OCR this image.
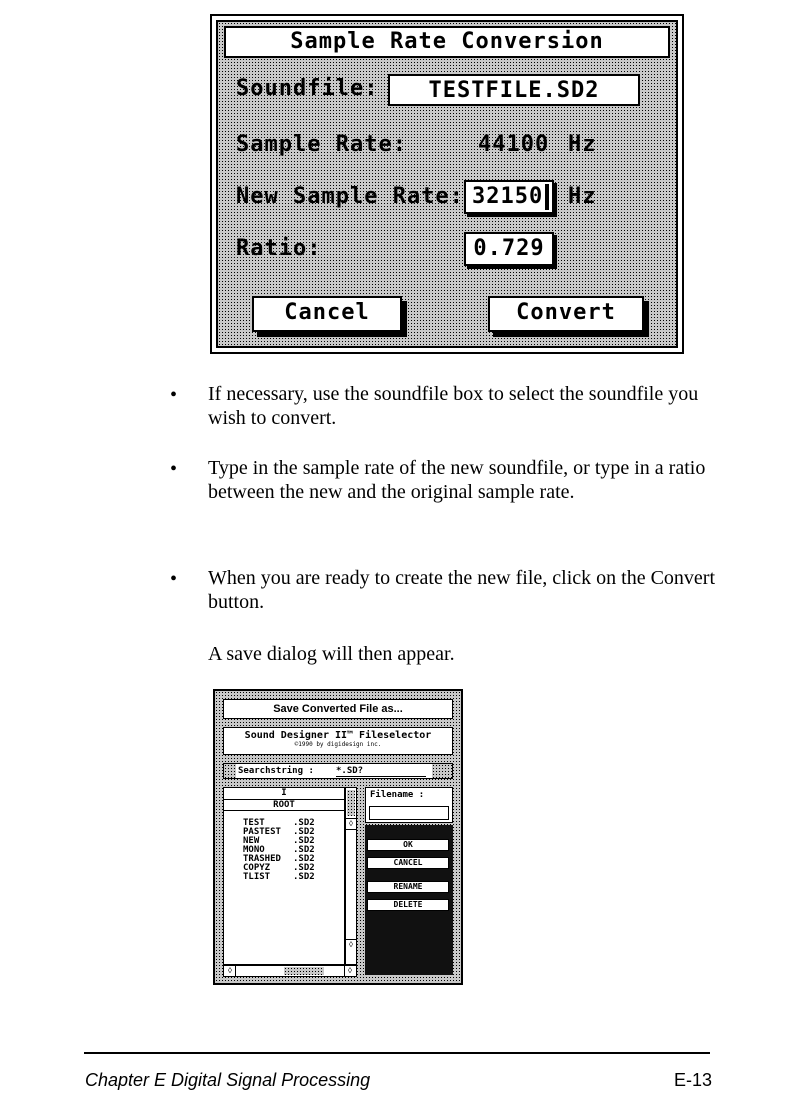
Sample Rate Conversion
Soundfile:	TESTFILE.SD2
Sample Rate:	44100 Hz
New Sample Rate: 32150	Hz
Ratio:	0.729
Cancel	Convert
• If necessary, use the soundfile box to select the soundfile you wish to convert.
• Type in the sample rate of the new soundfile, or type in a ratio between the new and the original sample rate.
• When you are ready to create the new file, click on the Convert button.
A save dialog will then appear.
Save Converted File as...
Sound Designer II™ Fileselector
©1990 by digidesign inc.
Searchstring : *.SD?
I
ROOT
TEST	.SD2
PASTEST .SD2
NEW	.SD2
MONO	.SD2
TRASHED .SD2
COPYZ	.SD2
TLIST	.SD2
◊
◊
◊	◊
Filename :
OK
CANCEL
RENAME
DELETE
Chapter E Digital Signal Processing	E-13
